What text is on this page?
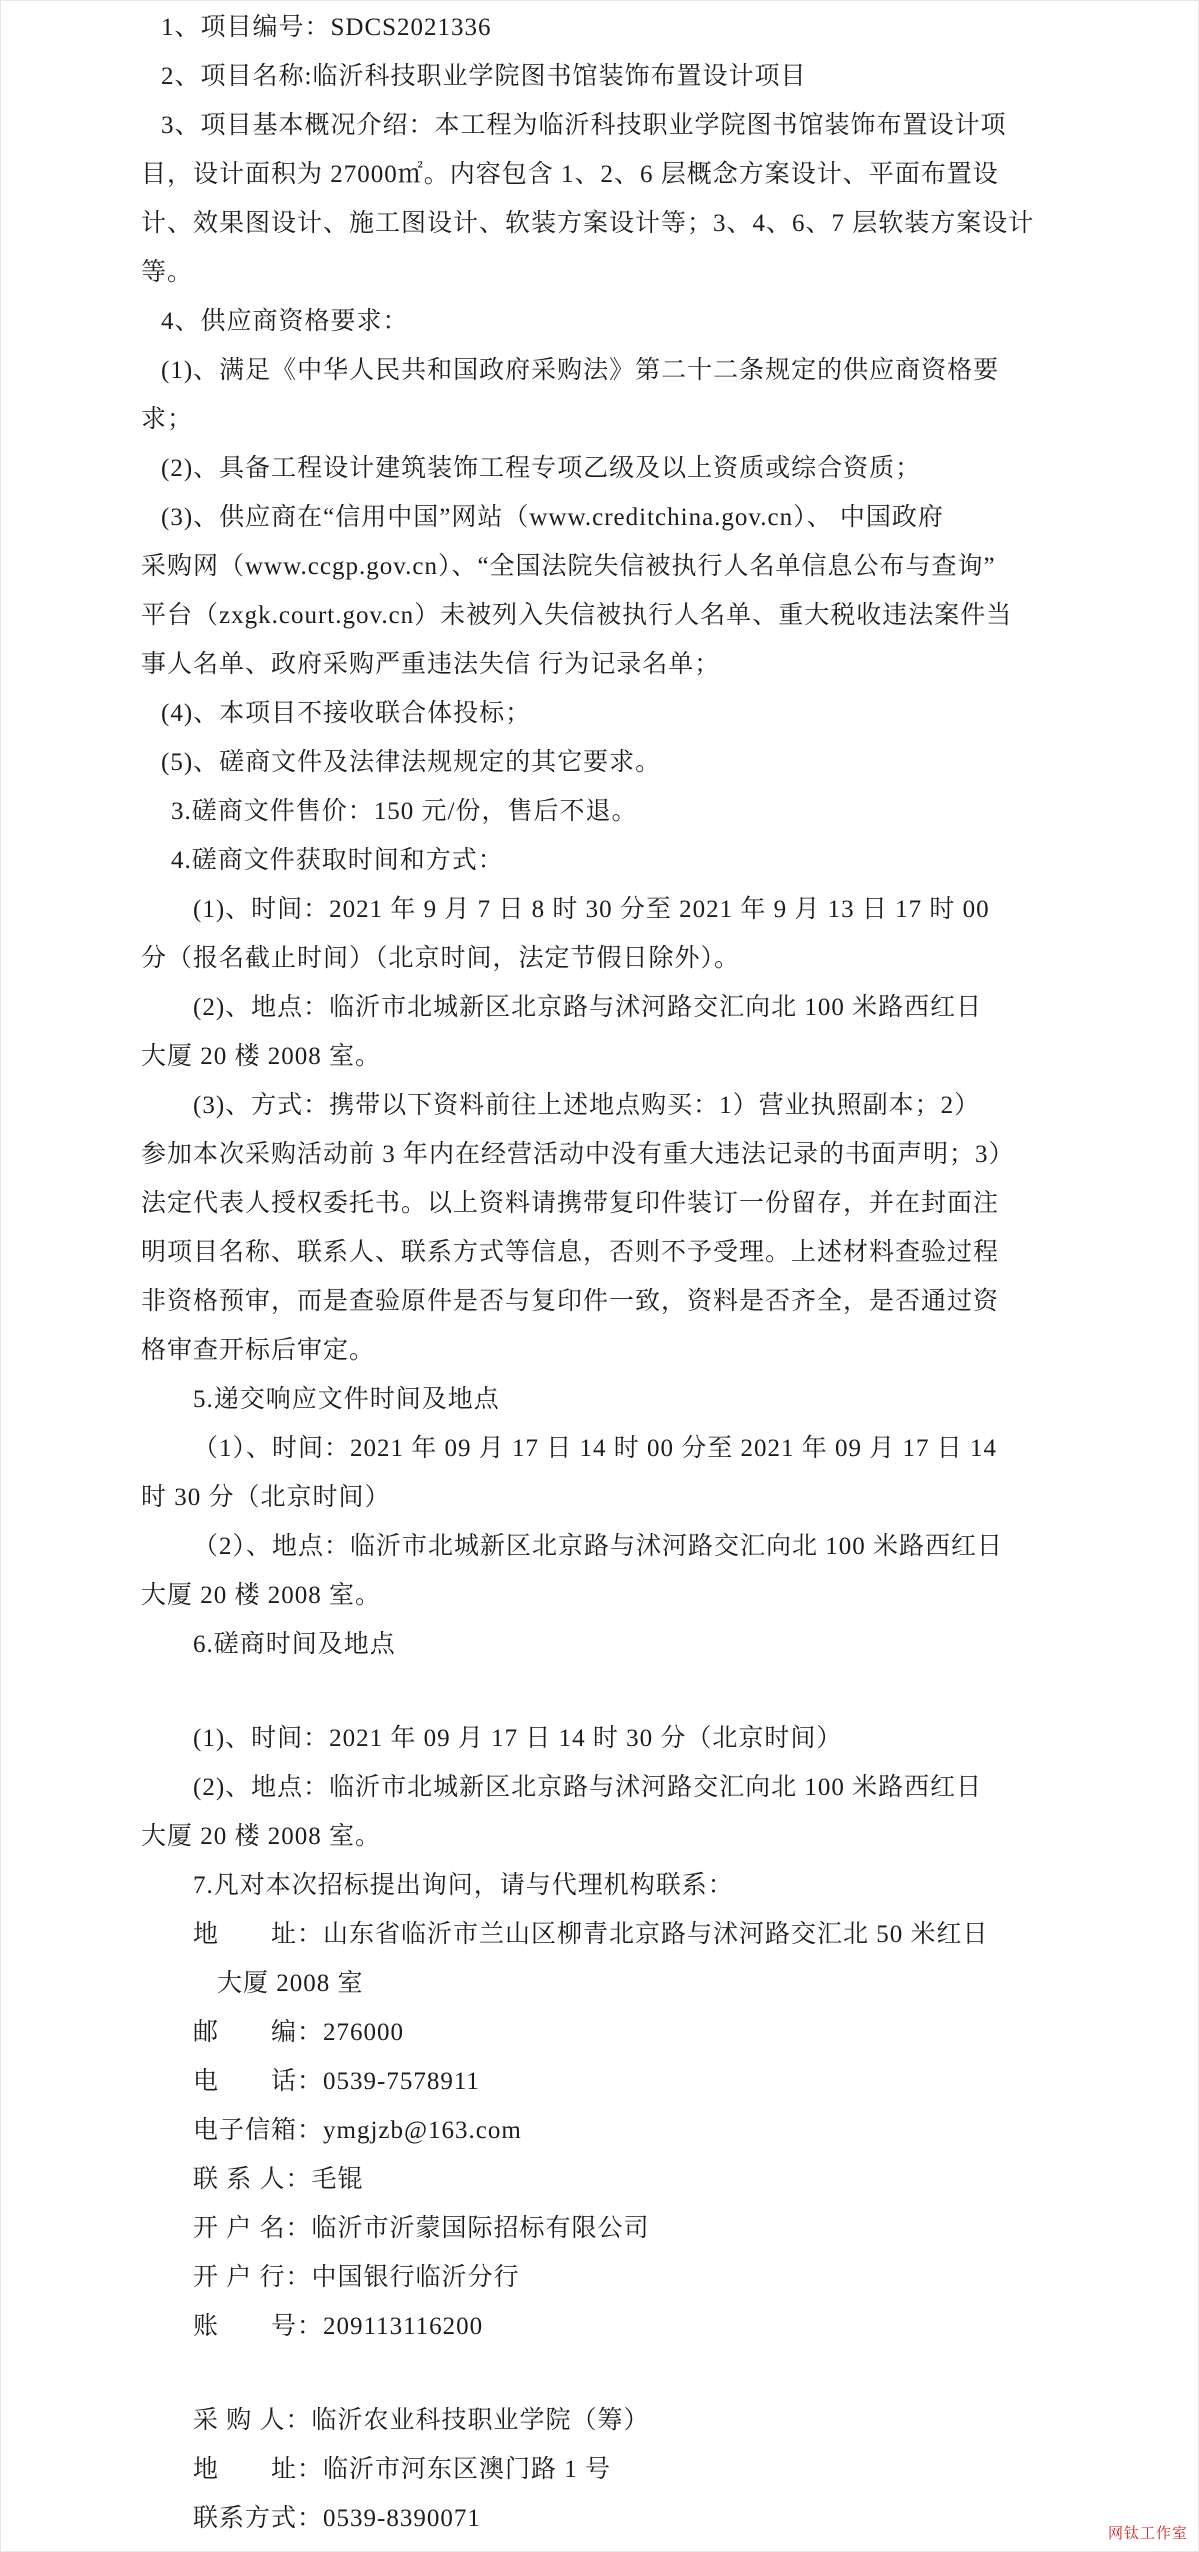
1、项目编号：SDCS2021336

2、项目名称:临沂科技职业学院图书馆装饰布置设计项目

3、项目基本概况介绍：本工程为临沂科技职业学院图书馆装饰布置设计项

目，设计面积为 27000㎡。内容包含 1、2、6 层概念方案设计、平面布置设

计、效果图设计、施工图设计、软装方案设计等；3、4、6、7 层软装方案设计

等。

4、供应商资格要求：

(1)、满足《中华人民共和国政府采购法》第二十二条规定的供应商资格要

求；

(2)、具备工程设计建筑装饰工程专项乙级及以上资质或综合资质；

(3)、供应商在“信用中国”网站（www.creditchina.gov.cn）、 中国政府

采购网（www.ccgp.gov.cn）、“全国法院失信被执行人名单信息公布与查询”

平台（zxgk.court.gov.cn）未被列入失信被执行人名单、重大税收违法案件当

事人名单、政府采购严重违法失信 行为记录名单；

(4)、本项目不接收联合体投标；

(5)、磋商文件及法律法规规定的其它要求。

3.磋商文件售价：150 元/份，售后不退。

4.磋商文件获取时间和方式：

(1)、时间：2021 年 9 月 7 日 8 时 30 分至 2021 年 9 月 13 日 17 时 00

分（报名截止时间）（北京时间，法定节假日除外）。

(2)、地点：临沂市北城新区北京路与沭河路交汇向北 100 米路西红日

大厦 20 楼 2008 室。

(3)、方式：携带以下资料前往上述地点购买：1）营业执照副本；2）

参加本次采购活动前 3 年内在经营活动中没有重大违法记录的书面声明；3）

法定代表人授权委托书。以上资料请携带复印件装订一份留存，并在封面注

明项目名称、联系人、联系方式等信息，否则不予受理。上述材料查验过程

非资格预审，而是查验原件是否与复印件一致，资料是否齐全，是否通过资

格审查开标后审定。

5.递交响应文件时间及地点

（1）、时间：2021 年 09 月 17 日 14 时 00 分至 2021 年 09 月 17 日 14

时 30 分（北京时间）

（2）、地点：临沂市北城新区北京路与沭河路交汇向北 100 米路西红日

大厦 20 楼 2008 室。

6.磋商时间及地点

(1)、时间：2021 年 09 月 17 日 14 时 30 分（北京时间）

(2)、地点：临沂市北城新区北京路与沭河路交汇向北 100 米路西红日

大厦 20 楼 2008 室。

7.凡对本次招标提出询问，请与代理机构联系：

地　　址：山东省临沂市兰山区柳青北京路与沭河路交汇北 50 米红日

大厦 2008 室

邮　　编：276000

电　　话：0539-7578911

电子信箱：ymgjzb@163.com

联 系 人：毛锟

开 户 名：临沂市沂蒙国际招标有限公司

开 户 行：中国银行临沂分行

账　　号：209113116200

采 购 人：临沂农业科技职业学院（筹）

地　　址：临沂市河东区澳门路 1 号

联系方式：0539-8390071

网钛工作室
